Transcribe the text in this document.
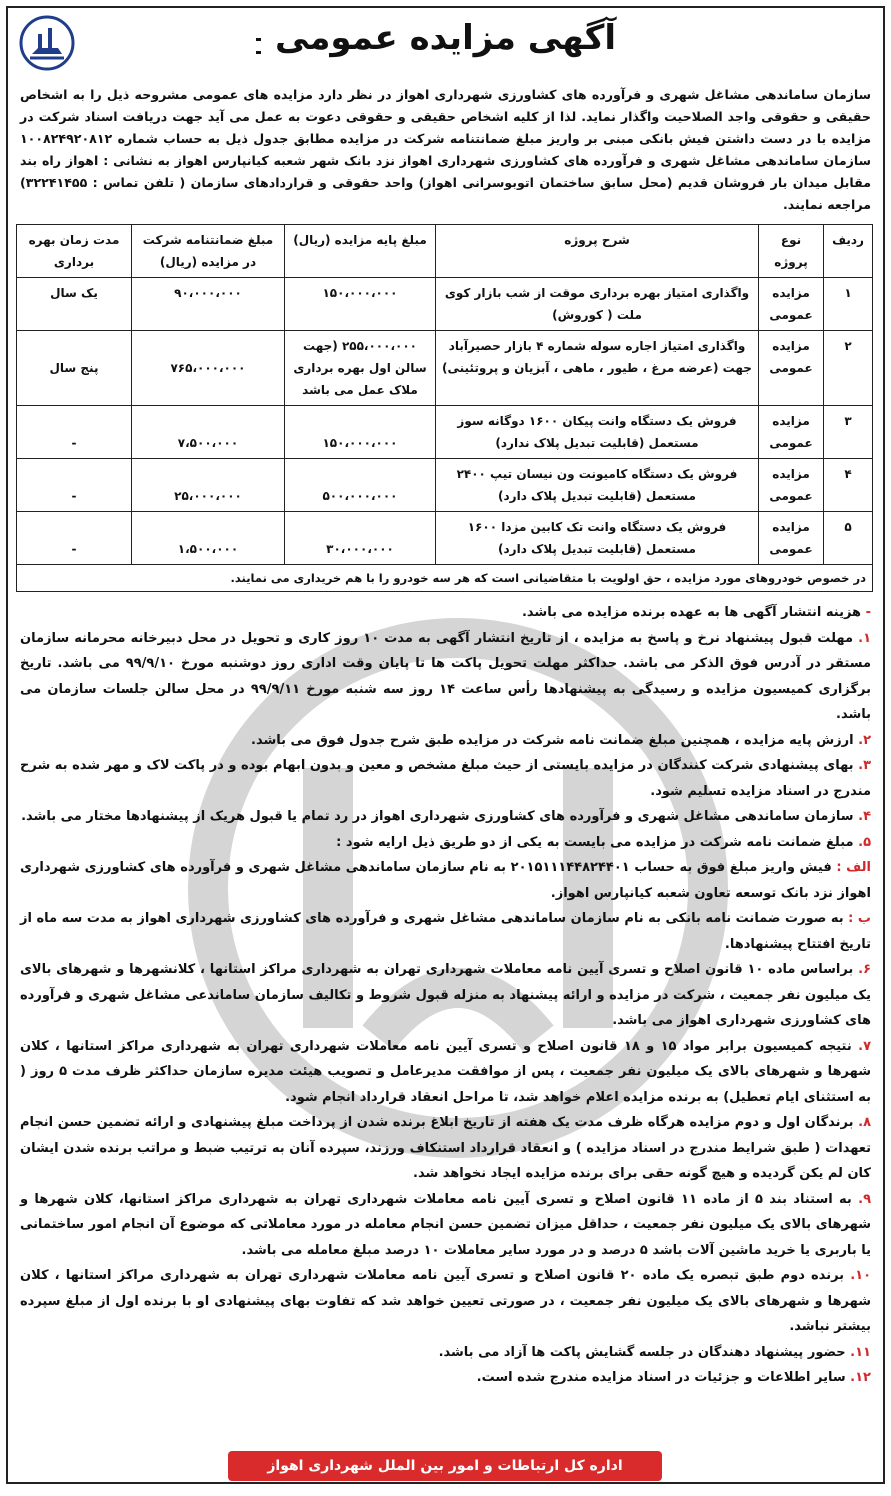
آگهی مزایده عمومی
سازمان ساماندهی مشاغل شهری و فرآورده های کشاورزی شهرداری اهواز در نظر دارد مزایده های عمومی مشروحه ذیل را به اشخاص حقیقی و حقوقی واجد الصلاحیت واگذار نماید. لذا از کلیه اشخاص حقیقی و حقوقی دعوت به عمل می آید جهت دریافت اسناد شرکت در مزایده با در دست داشتن فیش بانکی مبنی بر واریز مبلغ ضمانتنامه شرکت در مزایده مطابق جدول ذیل به حساب شماره ۱۰۰۸۲۴۹۲۰۸۱۲ سازمان ساماندهی مشاغل شهری و فرآورده های کشاورزی شهرداری اهواز نزد بانک شهر شعبه کیانپارس اهواز به نشانی : اهواز راه بند مقابل میدان بار فروشان قدیم (محل سابق ساختمان اتوبوسرانی اهواز) واحد حقوقی و قراردادهای سازمان ( تلفن تماس : ۳۲۲۴۱۴۵۵) مراجعه نمایند.
ردیف	نوع پروژه	شرح پروژه	مبلغ پایه مزایده (ریال)	مبلغ ضمانتنامه شرکت در مزایده (ریال)	مدت زمان بهره برداری
۱	مزایده عمومی	واگذاری امتیاز بهره برداری موقت از شب بازار کوی ملت ( کوروش)	۱۵۰،۰۰۰،۰۰۰	۹۰،۰۰۰،۰۰۰	یک سال
۲	مزایده عمومی	واگذاری امتیاز اجاره سوله شماره ۴ بازار حصیرآباد جهت (عرضه مرغ ، طیور ، ماهی ، آبزیان و پروتئینی)	۲۵۵،۰۰۰،۰۰۰ (جهت سالن اول بهره برداری ملاک عمل می باشد	۷۶۵،۰۰۰،۰۰۰	پنج سال
۳	مزایده عمومی	فروش یک دستگاه وانت پیکان ۱۶۰۰ دوگانه سوز مستعمل (قابلیت تبدیل پلاک ندارد)	۱۵۰،۰۰۰،۰۰۰	۷،۵۰۰،۰۰۰	-
۴	مزایده عمومی	فروش یک دستگاه کامیونت ون نیسان تیپ ۲۴۰۰ مستعمل (قابلیت تبدیل پلاک دارد)	۵۰۰،۰۰۰،۰۰۰	۲۵،۰۰۰،۰۰۰	-
۵	مزایده عمومی	فروش یک دستگاه وانت تک کابین مزدا ۱۶۰۰ مستعمل (قابلیت تبدیل پلاک دارد)	۳۰،۰۰۰،۰۰۰	۱،۵۰۰،۰۰۰	-
در خصوص خودروهای مورد مزایده ، حق اولویت با متقاضیانی است که هر سه خودرو را با هم خریداری می نمایند.					

- هزینه انتشار آگهی ها به عهده برنده مزایده می باشد.

۱. مهلت قبول پیشنهاد نرخ و پاسخ به مزایده ، از تاریخ انتشار آگهی به مدت ۱۰ روز کاری و تحویل در محل دبیرخانه محرمانه سازمان مستقر در آدرس فوق الذکر می باشد. حداکثر مهلت تحویل پاکت ها تا پایان وقت اداری روز دوشنبه مورخ ۹۹/۹/۱۰ می باشد. تاریخ برگزاری کمیسیون مزایده و رسیدگی به پیشنهادها رأس ساعت ۱۴ روز سه شنبه مورخ ۹۹/۹/۱۱ در محل سالن جلسات سازمان می باشد.

۲. ارزش پایه مزایده ، همچنین مبلغ ضمانت نامه شرکت در مزایده طبق شرح جدول فوق می باشد.

۳. بهای پیشنهادی شرکت کنندگان در مزایده بایستی از حیث مبلغ مشخص و معین و بدون ابهام بوده و در پاکت لاک و مهر شده به شرح مندرج در اسناد مزایده تسلیم شود.

۴. سازمان ساماندهی مشاغل شهری و فرآورده های کشاورزی شهرداری اهواز در رد تمام یا قبول هریک از پیشنهادها مختار می باشد.

۵. مبلغ ضمانت نامه شرکت در مزایده می بایست به یکی از دو طریق ذیل ارایه شود :

الف : فیش واریز مبلغ فوق به حساب ۲۰۱۵۱۱۱۴۴۸۲۴۴۰۱ به نام سازمان ساماندهی مشاغل شهری و فرآورده های کشاورزی شهرداری اهواز نزد بانک توسعه تعاون شعبه کیانپارس اهواز.

ب : به صورت ضمانت نامه بانکی به نام سازمان ساماندهی مشاغل شهری و فرآورده های کشاورزی شهرداری اهواز به مدت سه ماه از تاریخ افتتاح پیشنهادها.

۶. براساس ماده ۱۰ قانون اصلاح و تسری آیین نامه معاملات شهرداری تهران به شهرداری مراکز استانها ، کلانشهرها و شهرهای بالای یک میلیون نفر جمعیت ، شرکت در مزایده و ارائه پیشنهاد به منزله قبول شروط و تکالیف سازمان ساماندعی مشاغل شهری و فرآورده های کشاورزی شهرداری اهواز می باشد.

۷. نتیجه کمیسیون برابر مواد ۱۵ و ۱۸ قانون اصلاح و تسری آیین نامه معاملات شهرداری تهران به شهرداری مراکز استانها ، کلان شهرها و شهرهای بالای یک میلیون نفر جمعیت ، پس از موافقت مدیرعامل و تصویب هیئت مدیره سازمان حداکثر ظرف مدت ۵ روز ( به استثنای ایام تعطیل) به برنده مزایده اعلام خواهد شد، تا مراحل انعقاد قرارداد انجام شود.

۸. برندگان اول و دوم مزایده هرگاه ظرف مدت یک هفته از تاریخ ابلاغ برنده شدن از پرداخت مبلغ پیشنهادی و ارائه تضمین حسن انجام تعهدات ( طبق شرایط مندرج در اسناد مزایده ) و انعقاد قرارداد استنکاف ورزند، سپرده آنان به ترتیب ضبط و مراتب برنده شدن ایشان کان لم یکن گردیده و هیچ گونه حقی برای برنده مزایده ایجاد نخواهد شد.

۹. به استناد بند ۵ از ماده ۱۱ قانون اصلاح و تسری آیین نامه معاملات شهرداری تهران به شهرداری مراکز استانها، کلان شهرها و شهرهای بالای یک میلیون نفر جمعیت ، حداقل میزان تضمین حسن انجام معامله در مورد معاملاتی که موضوع آن انجام امور ساختمانی یا باربری یا خرید ماشین آلات باشد ۵ درصد و در مورد سایر معاملات ۱۰ درصد مبلغ معامله می باشد.

۱۰. برنده دوم طبق تبصره یک ماده ۲۰ قانون اصلاح و تسری آیین نامه معاملات شهرداری تهران به شهرداری مراکز استانها ، کلان شهرها و شهرهای بالای یک میلیون نفر جمعیت ، در صورتی تعیین خواهد شد که تفاوت بهای پیشنهادی او با برنده اول از مبلغ سپرده بیشتر نباشد.

۱۱. حضور پیشنهاد دهندگان در جلسه گشایش پاکت ها آزاد می باشد.

۱۲. سایر اطلاعات و جزئیات در اسناد مزایده مندرج شده است.

اداره کل ارتباطات و امور بین الملل شهرداری اهواز
